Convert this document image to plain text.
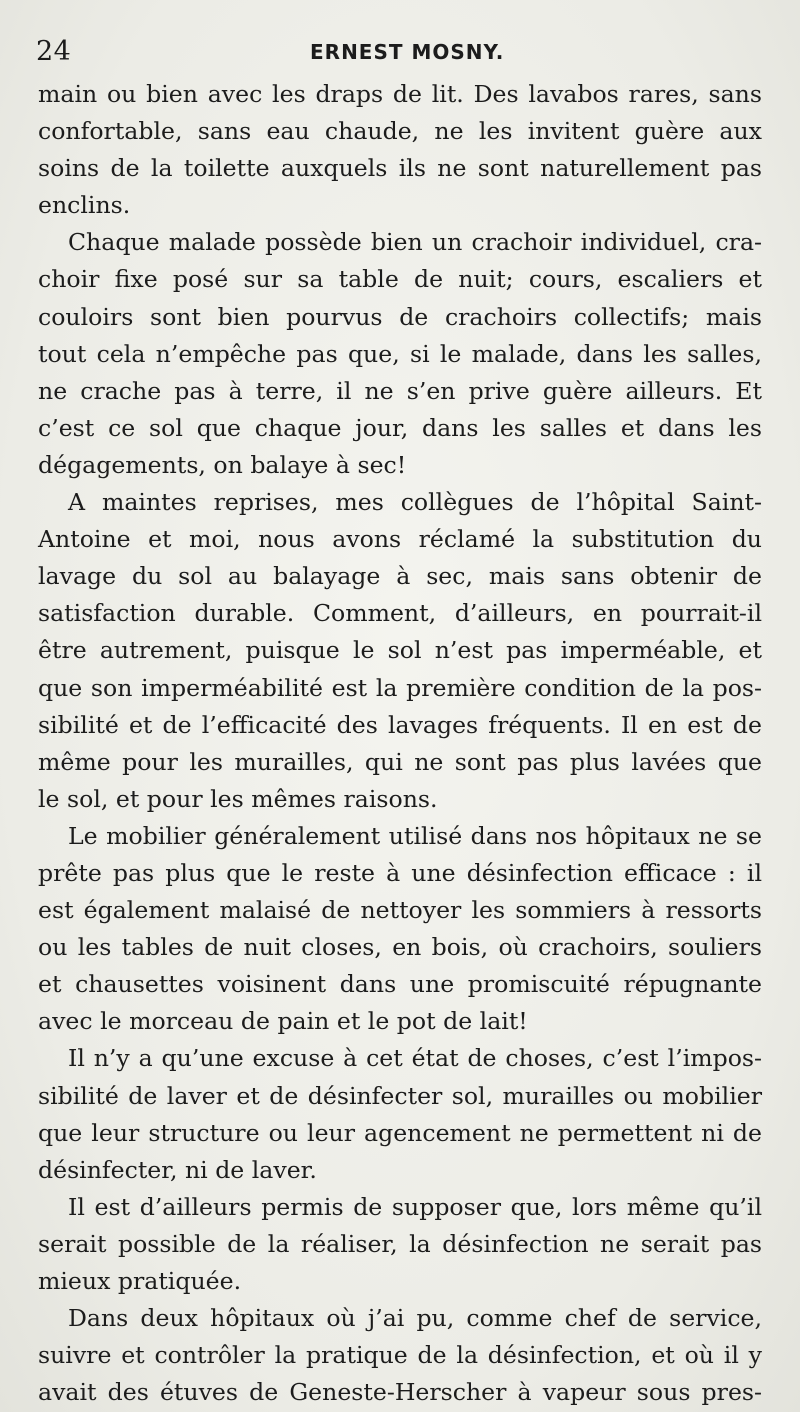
24	ERNEST MOSNY.
main ou bien avec les draps de lit. Des lavabos rares, sans
confortable, sans eau chaude, ne les invitent guère aux
soins de la toilette auxquels ils ne sont naturellement pas
enclins.
Chaque malade possède bien un crachoir individuel, cra-
choir fixe posé sur sa table de nuit; cours, escaliers et
couloirs sont bien pourvus de crachoirs collectifs; mais
tout cela n’empêche pas que, si le malade, dans les salles,
ne crache pas à terre, il ne s’en prive guère ailleurs. Et
c’est ce sol que chaque jour, dans les salles et dans les
dégagements, on balaye à sec!
A maintes reprises, mes collègues de l’hôpital Saint-
Antoine et moi, nous avons réclamé la substitution du
lavage du sol au balayage à sec, mais sans obtenir de
satisfaction durable. Comment, d’ailleurs, en pourrait-il
être autrement, puisque le sol n’est pas imperméable, et
que son imperméabilité est la première condition de la pos-
sibilité et de l’efficacité des lavages fréquents. Il en est de
même pour les murailles, qui ne sont pas plus lavées que
le sol, et pour les mêmes raisons.
Le mobilier généralement utilisé dans nos hôpitaux ne se
prête pas plus que le reste à une désinfection efficace : il
est également malaisé de nettoyer les sommiers à ressorts
ou les tables de nuit closes, en bois, où crachoirs, souliers
et chausettes voisinent dans une promiscuité répugnante
avec le morceau de pain et le pot de lait!
Il n’y a qu’une excuse à cet état de choses, c’est l’impos-
sibilité de laver et de désinfecter sol, murailles ou mobilier
que leur structure ou leur agencement ne permettent ni de
désinfecter, ni de laver.
Il est d’ailleurs permis de supposer que, lors même qu’il
serait possible de la réaliser, la désinfection ne serait pas
mieux pratiquée.
Dans deux hôpitaux où j’ai pu, comme chef de service,
suivre et contrôler la pratique de la désinfection, et où il y
avait des étuves de Geneste-Herscher à vapeur sous pres-
